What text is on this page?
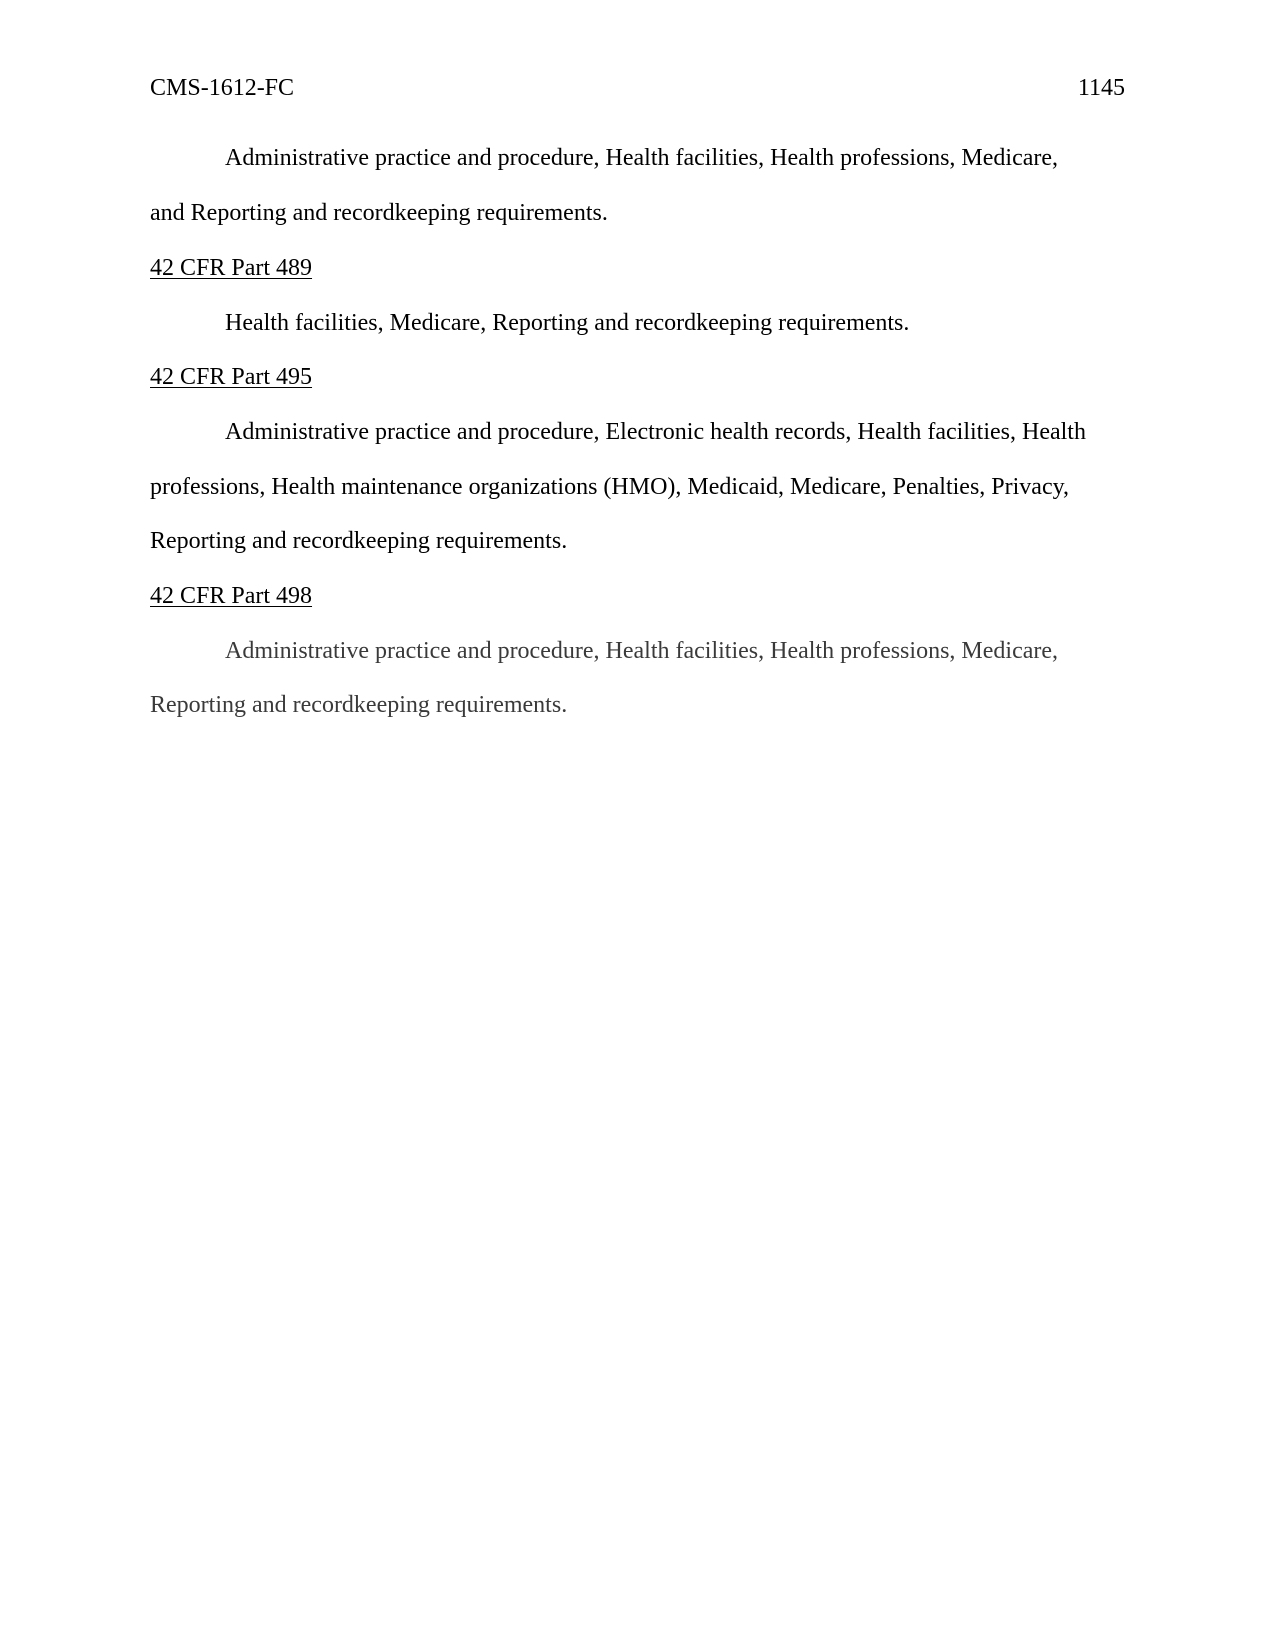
CMS-1612-FC	1145
Administrative practice and procedure, Health facilities, Health professions, Medicare,
and Reporting and recordkeeping requirements.
42 CFR Part 489
Health facilities, Medicare, Reporting and recordkeeping requirements.
42 CFR Part 495
Administrative practice and procedure, Electronic health records, Health facilities, Health
professions, Health maintenance organizations (HMO), Medicaid, Medicare, Penalties, Privacy,
Reporting and recordkeeping requirements.
42 CFR Part 498
Administrative practice and procedure, Health facilities, Health professions, Medicare,
Reporting and recordkeeping requirements.
